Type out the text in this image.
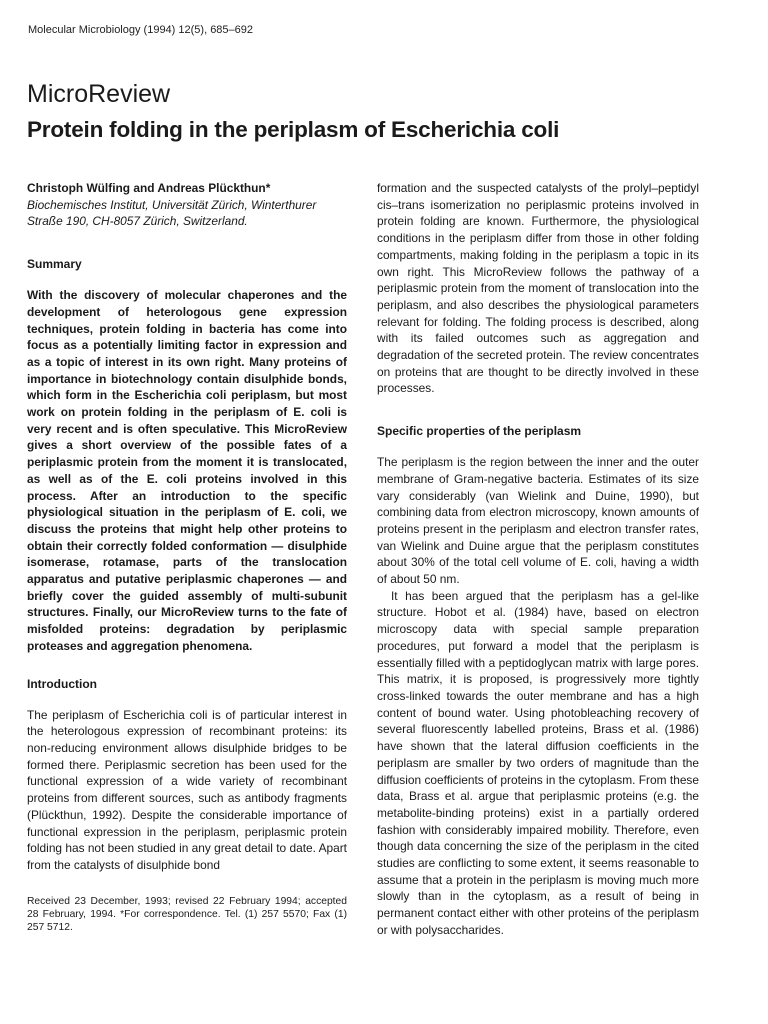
Molecular Microbiology (1994) 12(5), 685–692
MicroReview
Protein folding in the periplasm of Escherichia coli

Christoph Wülfing and Andreas Plückthun*

Biochemisches Institut, Universität Zürich, Winterthurer

Straße 190, CH-8057 Zürich, Switzerland.

Summary

With the discovery of molecular chaperones and the development of heterologous gene expression techniques, protein folding in bacteria has come into focus as a potentially limiting factor in expression and as a topic of interest in its own right. Many proteins of importance in biotechnology contain disulphide bonds, which form in the Escherichia coli periplasm, but most work on protein folding in the periplasm of E. coli is very recent and is often speculative. This MicroReview gives a short overview of the possible fates of a periplasmic protein from the moment it is translocated, as well as of the E. coli proteins involved in this process. After an introduction to the specific physiological situation in the periplasm of E. coli, we discuss the proteins that might help other proteins to obtain their correctly folded conformation — disulphide isomerase, rotamase, parts of the translocation apparatus and putative periplasmic chaperones — and briefly cover the guided assembly of multi-subunit structures. Finally, our MicroReview turns to the fate of misfolded proteins: degradation by periplasmic proteases and aggregation phenomena.

Introduction

The periplasm of Escherichia coli is of particular interest in the heterologous expression of recombinant proteins: its non-reducing environment allows disulphide bridges to be formed there. Periplasmic secretion has been used for the functional expression of a wide variety of recombinant proteins from different sources, such as antibody fragments (Plückthun, 1992). Despite the considerable importance of functional expression in the periplasm, periplasmic protein folding has not been studied in any great detail to date. Apart from the catalysts of disulphide bond

Received 23 December, 1993; revised 22 February 1994; accepted 28 February, 1994. *For correspondence. Tel. (1) 257 5570; Fax (1) 257 5712.

formation and the suspected catalysts of the prolyl–peptidyl cis–trans isomerization no periplasmic proteins involved in protein folding are known. Furthermore, the physiological conditions in the periplasm differ from those in other folding compartments, making folding in the periplasm a topic in its own right. This MicroReview follows the pathway of a periplasmic protein from the moment of translocation into the periplasm, and also describes the physiological parameters relevant for folding. The folding process is described, along with its failed outcomes such as aggregation and degradation of the secreted protein. The review concentrates on proteins that are thought to be directly involved in these processes.

Specific properties of the periplasm

The periplasm is the region between the inner and the outer membrane of Gram-negative bacteria. Estimates of its size vary considerably (van Wielink and Duine, 1990), but combining data from electron microscopy, known amounts of proteins present in the periplasm and electron transfer rates, van Wielink and Duine argue that the periplasm constitutes about 30% of the total cell volume of E. coli, having a width of about 50 nm.

It has been argued that the periplasm has a gel-like structure. Hobot et al. (1984) have, based on electron microscopy data with special sample preparation procedures, put forward a model that the periplasm is essentially filled with a peptidoglycan matrix with large pores. This matrix, it is proposed, is progressively more tightly cross-linked towards the outer membrane and has a high content of bound water. Using photobleaching recovery of several fluorescently labelled proteins, Brass et al. (1986) have shown that the lateral diffusion coefficients in the periplasm are smaller by two orders of magnitude than the diffusion coefficients of proteins in the cytoplasm. From these data, Brass et al. argue that periplasmic proteins (e.g. the metabolite-binding proteins) exist in a partially ordered fashion with considerably impaired mobility. Therefore, even though data concerning the size of the periplasm in the cited studies are conflicting to some extent, it seems reasonable to assume that a protein in the periplasm is moving much more slowly than in the cytoplasm, as a result of being in permanent contact either with other proteins of the periplasm or with polysaccharides.
